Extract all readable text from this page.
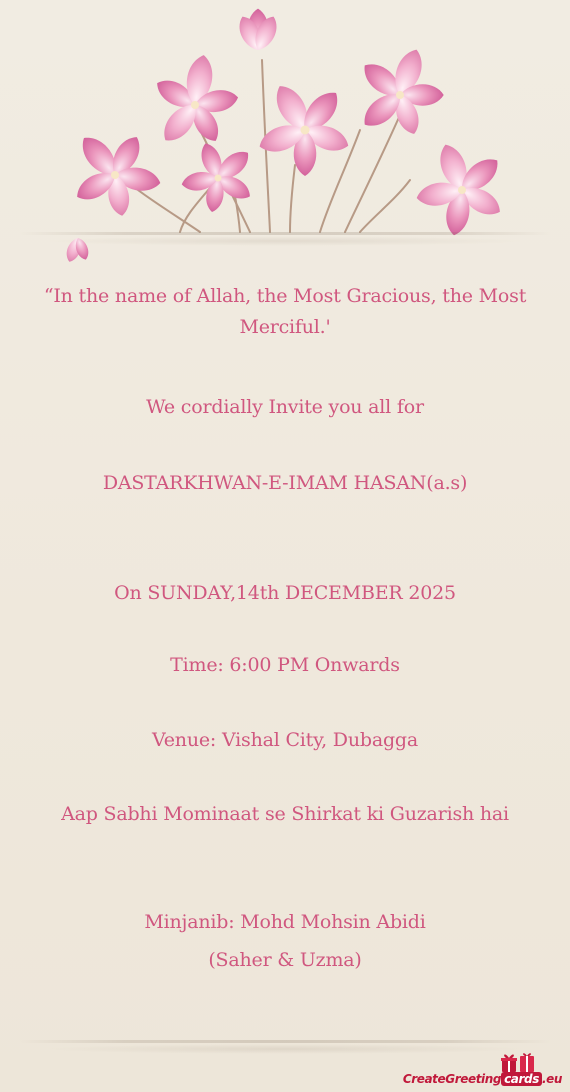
“In the name of Allah, the Most Gracious, the Most Merciful.'
We cordially Invite you all for
DASTARKHWAN-E-IMAM HASAN(a.s)
On SUNDAY,14th DECEMBER 2025
Time: 6:00 PM Onwards
Venue: Vishal City, Dubagga
Aap Sabhi Mominaat se Shirkat ki Guzarish hai
Minjanib: Mohd Mohsin Abidi
(Saher & Uzma)
CreateGreeting cards .eu
